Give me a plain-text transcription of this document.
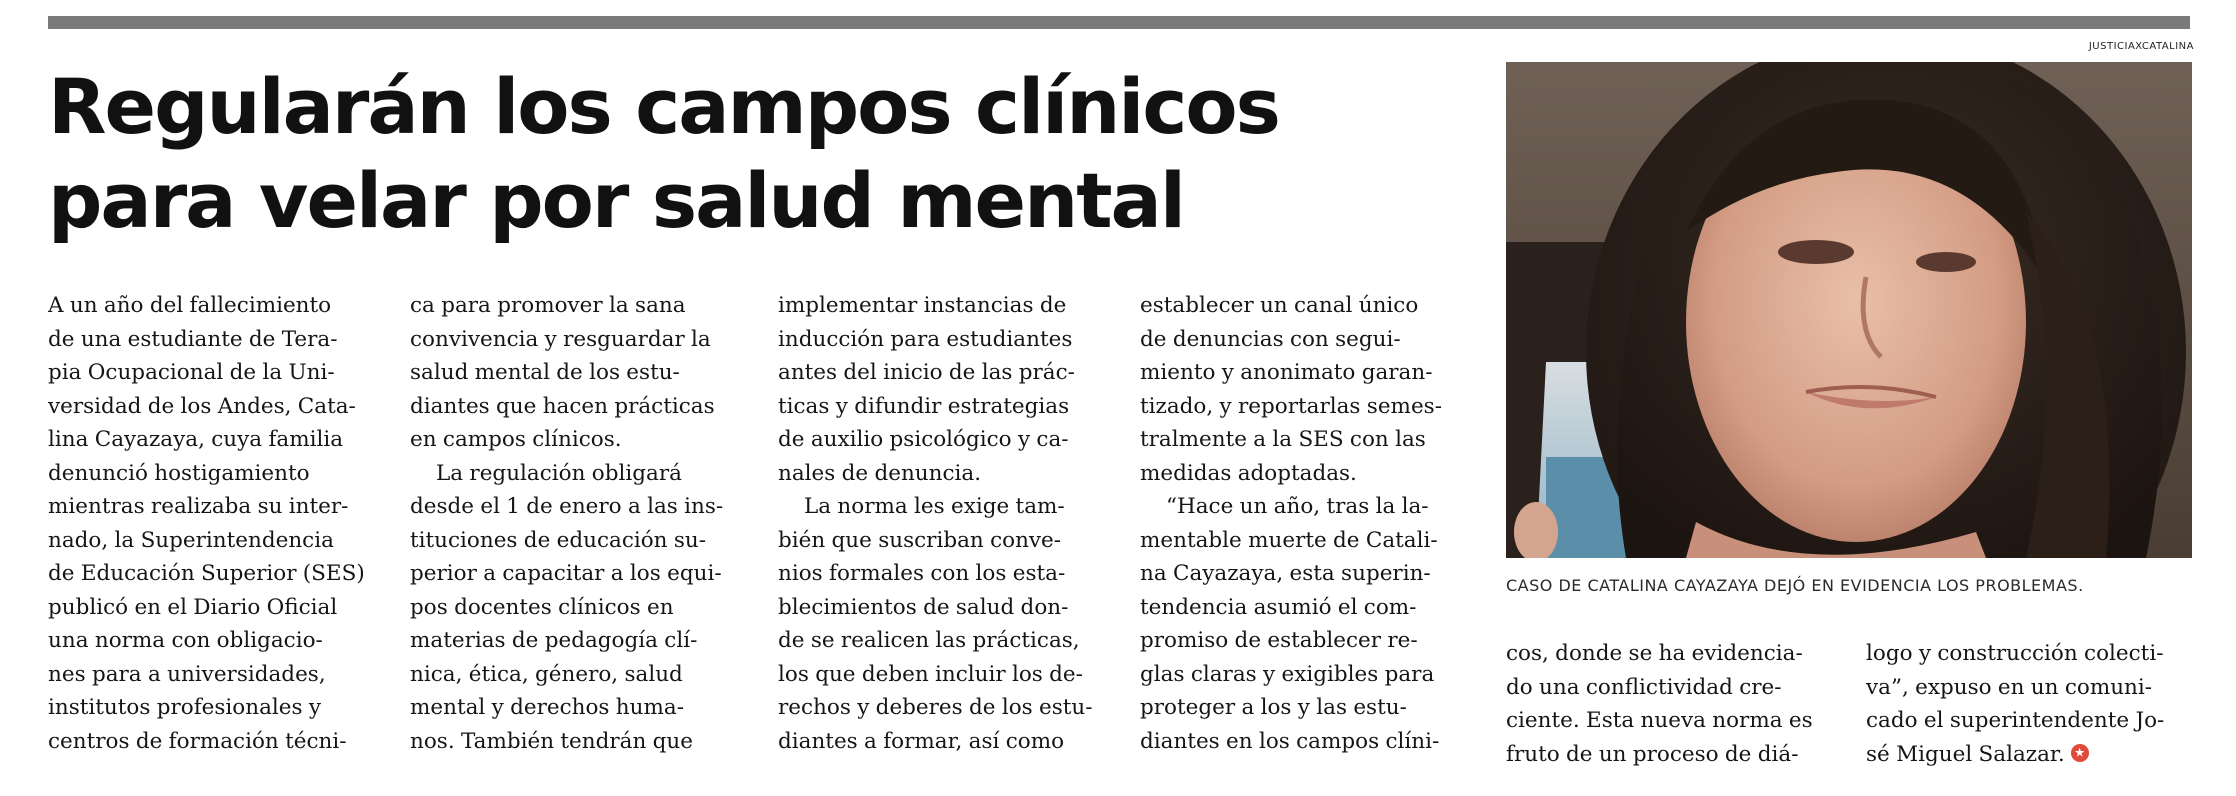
Regularán los campos clínicos
para velar por salud mental
A un año del fallecimiento
de una estudiante de Tera-
pia Ocupacional de la Uni-
versidad de los Andes, Cata-
lina Cayazaya, cuya familia
denunció hostigamiento
mientras realizaba su inter-
nado, la Superintendencia
de Educación Superior (SES)
publicó en el Diario Oficial
una norma con obligacio-
nes para a universidades,
institutos profesionales y
centros de formación técni-
ca para promover la sana
convivencia y resguardar la
salud mental de los estu-
diantes que hacen prácticas
en campos clínicos.
La regulación obligará
desde el 1 de enero a las ins-
tituciones de educación su-
perior a capacitar a los equi-
pos docentes clínicos en
materias de pedagogía clí-
nica, ética, género, salud
mental y derechos huma-
nos. También tendrán que
implementar instancias de
inducción para estudiantes
antes del inicio de las prác-
ticas y difundir estrategias
de auxilio psicológico y ca-
nales de denuncia.
La norma les exige tam-
bién que suscriban conve-
nios formales con los esta-
blecimientos de salud don-
de se realicen las prácticas,
los que deben incluir los de-
rechos y deberes de los estu-
diantes a formar, así como
establecer un canal único
de denuncias con segui-
miento y anonimato garan-
tizado, y reportarlas semes-
tralmente a la SES con las
medidas adoptadas.
“Hace un año, tras la la-
mentable muerte de Catali-
na Cayazaya, esta superin-
tendencia asumió el com-
promiso de establecer re-
glas claras y exigibles para
proteger a los y las estu-
diantes en los campos clíni-
cos, donde se ha evidencia-
do una conflictividad cre-
ciente. Esta nueva norma es
fruto de un proceso de diá-
logo y construcción colecti-
va”, expuso en un comuni-
cado el superintendente Jo-
sé Miguel Salazar.
JUSTICIAXCATALINA
CASO DE CATALINA CAYAZAYA DEJÓ EN EVIDENCIA LOS PROBLEMAS.
